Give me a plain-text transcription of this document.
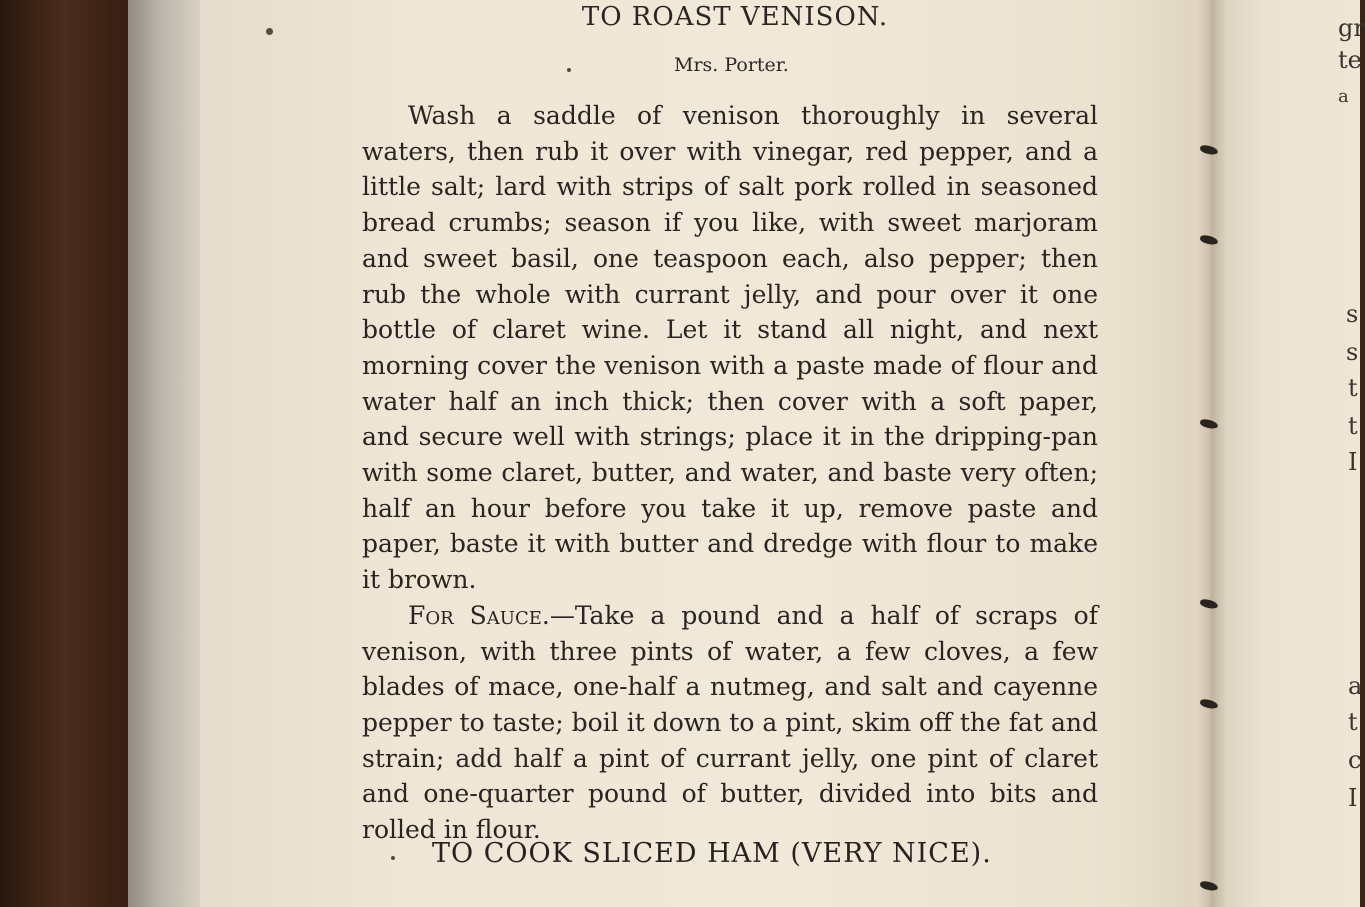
gr
te
a
s
s
t
t
I
a
t
c
I
TO ROAST VENISON.
Mrs. Porter.

Wash a saddle of venison thoroughly in several waters, then rub it over with vinegar, red pepper, and a little salt; lard with strips of salt pork rolled in seasoned bread crumbs; season if you like, with sweet marjoram and sweet basil, one teaspoon each, also pepper; then rub the whole with currant jelly, and pour over it one bottle of claret wine. Let it stand all night, and next morning cover the venison with a paste made of flour and water half an inch thick; then cover with a soft paper, and secure well with strings; place it in the dripping-pan with some claret, butter, and water, and baste very often; half an hour before you take it up, remove paste and paper, baste it with butter and dredge with flour to make it brown.

For Sauce.—Take a pound and a half of scraps of venison, with three pints of water, a few cloves, a few blades of mace, one-half a nutmeg, and salt and cayenne pepper to taste; boil it down to a pint, skim off the fat and strain; add half a pint of currant jelly, one pint of claret and one-quarter pound of butter, divided into bits and rolled in flour.

TO COOK SLICED HAM (VERY NICE).
